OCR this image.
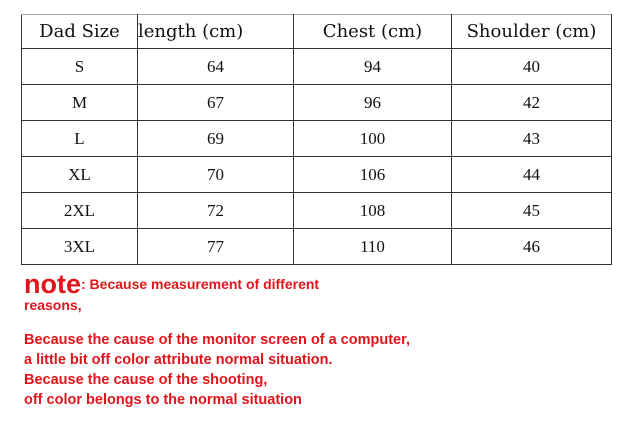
Dad Size	length (cm)	Chest (cm)	Shoulder (cm)
S	64	94	40
M	67	96	42
L	69	100	43
XL	70	106	44
2XL	72	108	45
3XL	77	110	46
note: Because measurement of different
reasons,
Because the cause of the monitor screen of a computer,
a little bit off color attribute normal situation.
Because the cause of the shooting,
off color belongs to the normal situation
